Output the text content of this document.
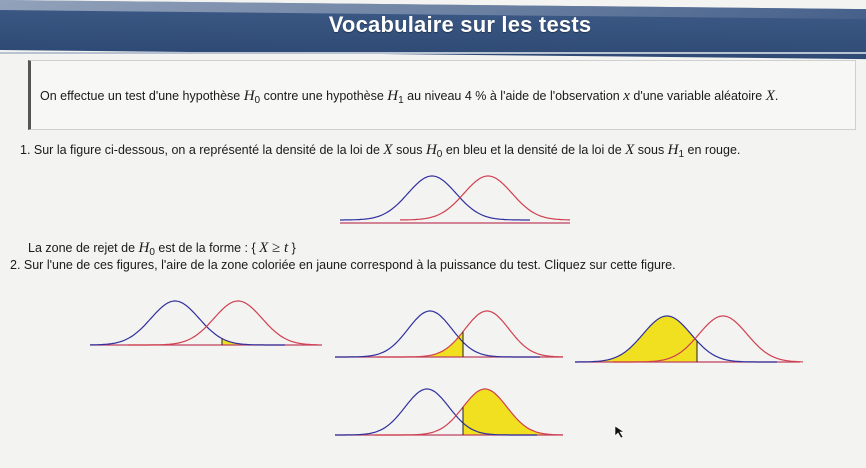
Vocabulaire sur les tests
On effectue un test d'une hypothèse $H_0$ contre une hypothèse $H_1$ au niveau 4 % à l'aide de l'observation x d'une variable aléatoire X.
1. Sur la figure ci-dessous, on a représenté la densité de la loi de X sous $H_0$ en bleu et la densité de la loi de X sous $H_1$ en rouge.
La zone de rejet de $H_0$ est de la forme : { X ≥ t }
2. Sur l'une de ces figures, l'aire de la zone coloriée en jaune correspond à la puissance du test. Cliquez sur cette figure.
